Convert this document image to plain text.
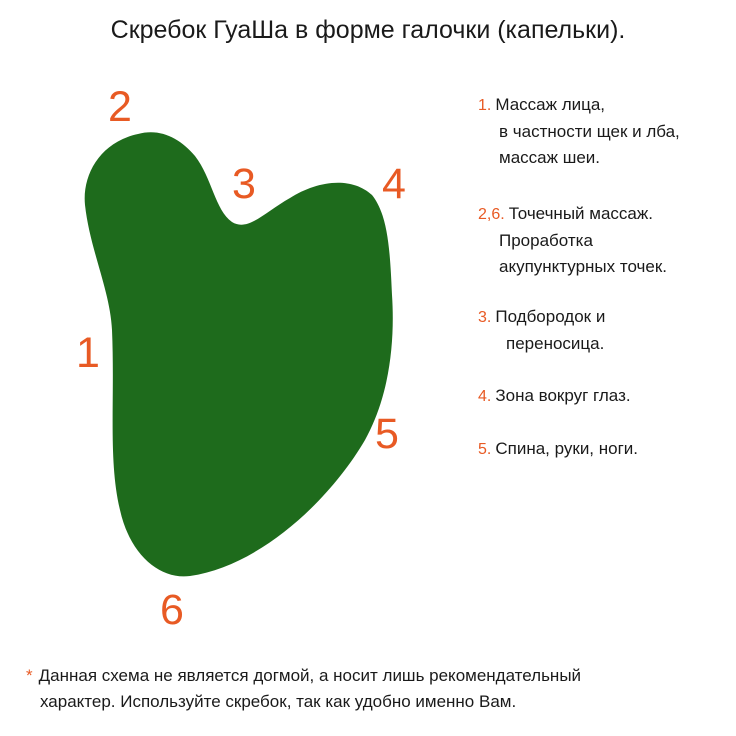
Скребок ГуаШа в форме галочки (капельки).
2
3	4
1
5
6
1. Массаж лица,
в частности щек и лба,
массаж шеи.
2,6. Точечный массаж.
Проработка
акупунктурных точек.
3. Подбородок и
переносица.
4. Зона вокруг глаз.
5. Спина, руки, ноги.
* Данная схема не является догмой, а носит лишь рекомендательный
характер. Используйте скребок, так как удобно именно Вам.
